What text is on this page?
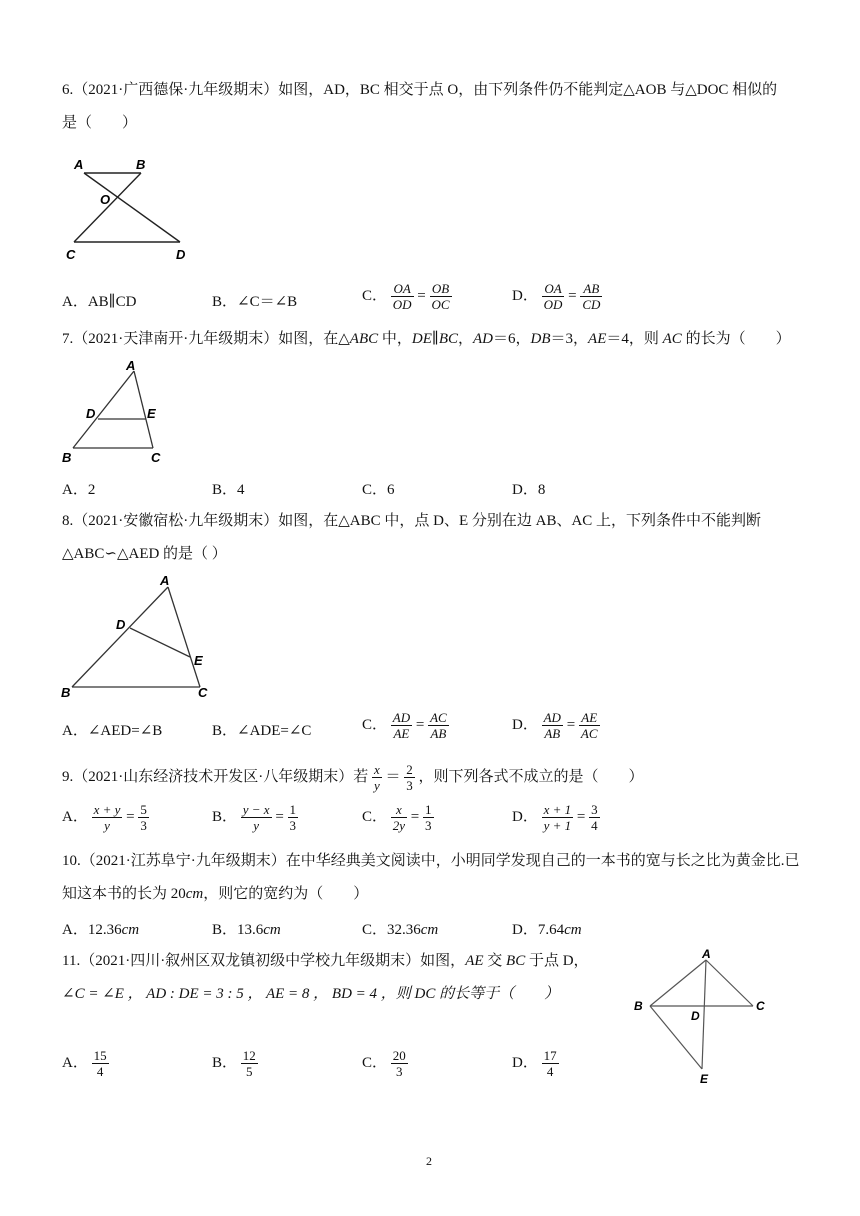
6.（2021·广西德保·九年级期末）如图，AD，BC 相交于点 O，由下列条件仍不能判定△AOB 与△DOC 相似的
是（　　）
A	B
O
C	D
A．AB∥CD	B．∠C＝∠B	C． $\frac{OA}{OD} = \frac{OB}{OC}$	D． $\frac{OA}{OD} = \frac{AB}{CD}$
7.（2021·天津南开·九年级期末）如图，在△ABC 中，DE∥BC，AD＝6，DB＝3，AE＝4，则 AC 的长为（　　）
A
D	E
B	C
A．2	B．4	C．6	D．8
8.（2021·安徽宿松·九年级期末）如图，在△ABC 中，点 D、E 分别在边 AB、AC 上，下列条件中不能判断
△ABC∽△AED 的是（ ）
A
D
E
B	C
A．∠AED=∠B	B．∠ADE=∠C	C． $\frac{AD}{AE} = \frac{AC}{AB}$	D． $\frac{AD}{AB} = \frac{AE}{AC}$
9.（2021·山东经济技术开发区·八年级期末）若 $\frac{x}{y} = \frac{2}{3}$ ，则下列各式不成立的是（　　）
A． $\frac{x + y}{y} = \frac{5}{3}$	B． $\frac{y - x}{y} = \frac{1}{3}$	C． $\frac{x}{2y} = \frac{1}{3}$	D． $\frac{x + 1}{y + 1} = \frac{3}{4}$
10.（2021·江苏阜宁·九年级期末）在中华经典美文阅读中，小明同学发现自己的一本书的宽与长之比为黄金比.已
知这本书的长为 20cm，则它的宽约为（　　）
A．12.36cm	B．13.6cm	C．32.36cm	D．7.64cm
11.（2021·四川·叙州区双龙镇初级中学校九年级期末）如图，AE 交 BC 于点 D，
∠C = ∠E ， AD : DE = 3 : 5 ， AE = 8 ， BD = 4 ，则 DC 的长等于（　　）
A
B	C
D
E
A． $\frac{15}{4}$	B． $\frac{12}{5}$	C． $\frac{20}{3}$	D． $\frac{17}{4}$
2
